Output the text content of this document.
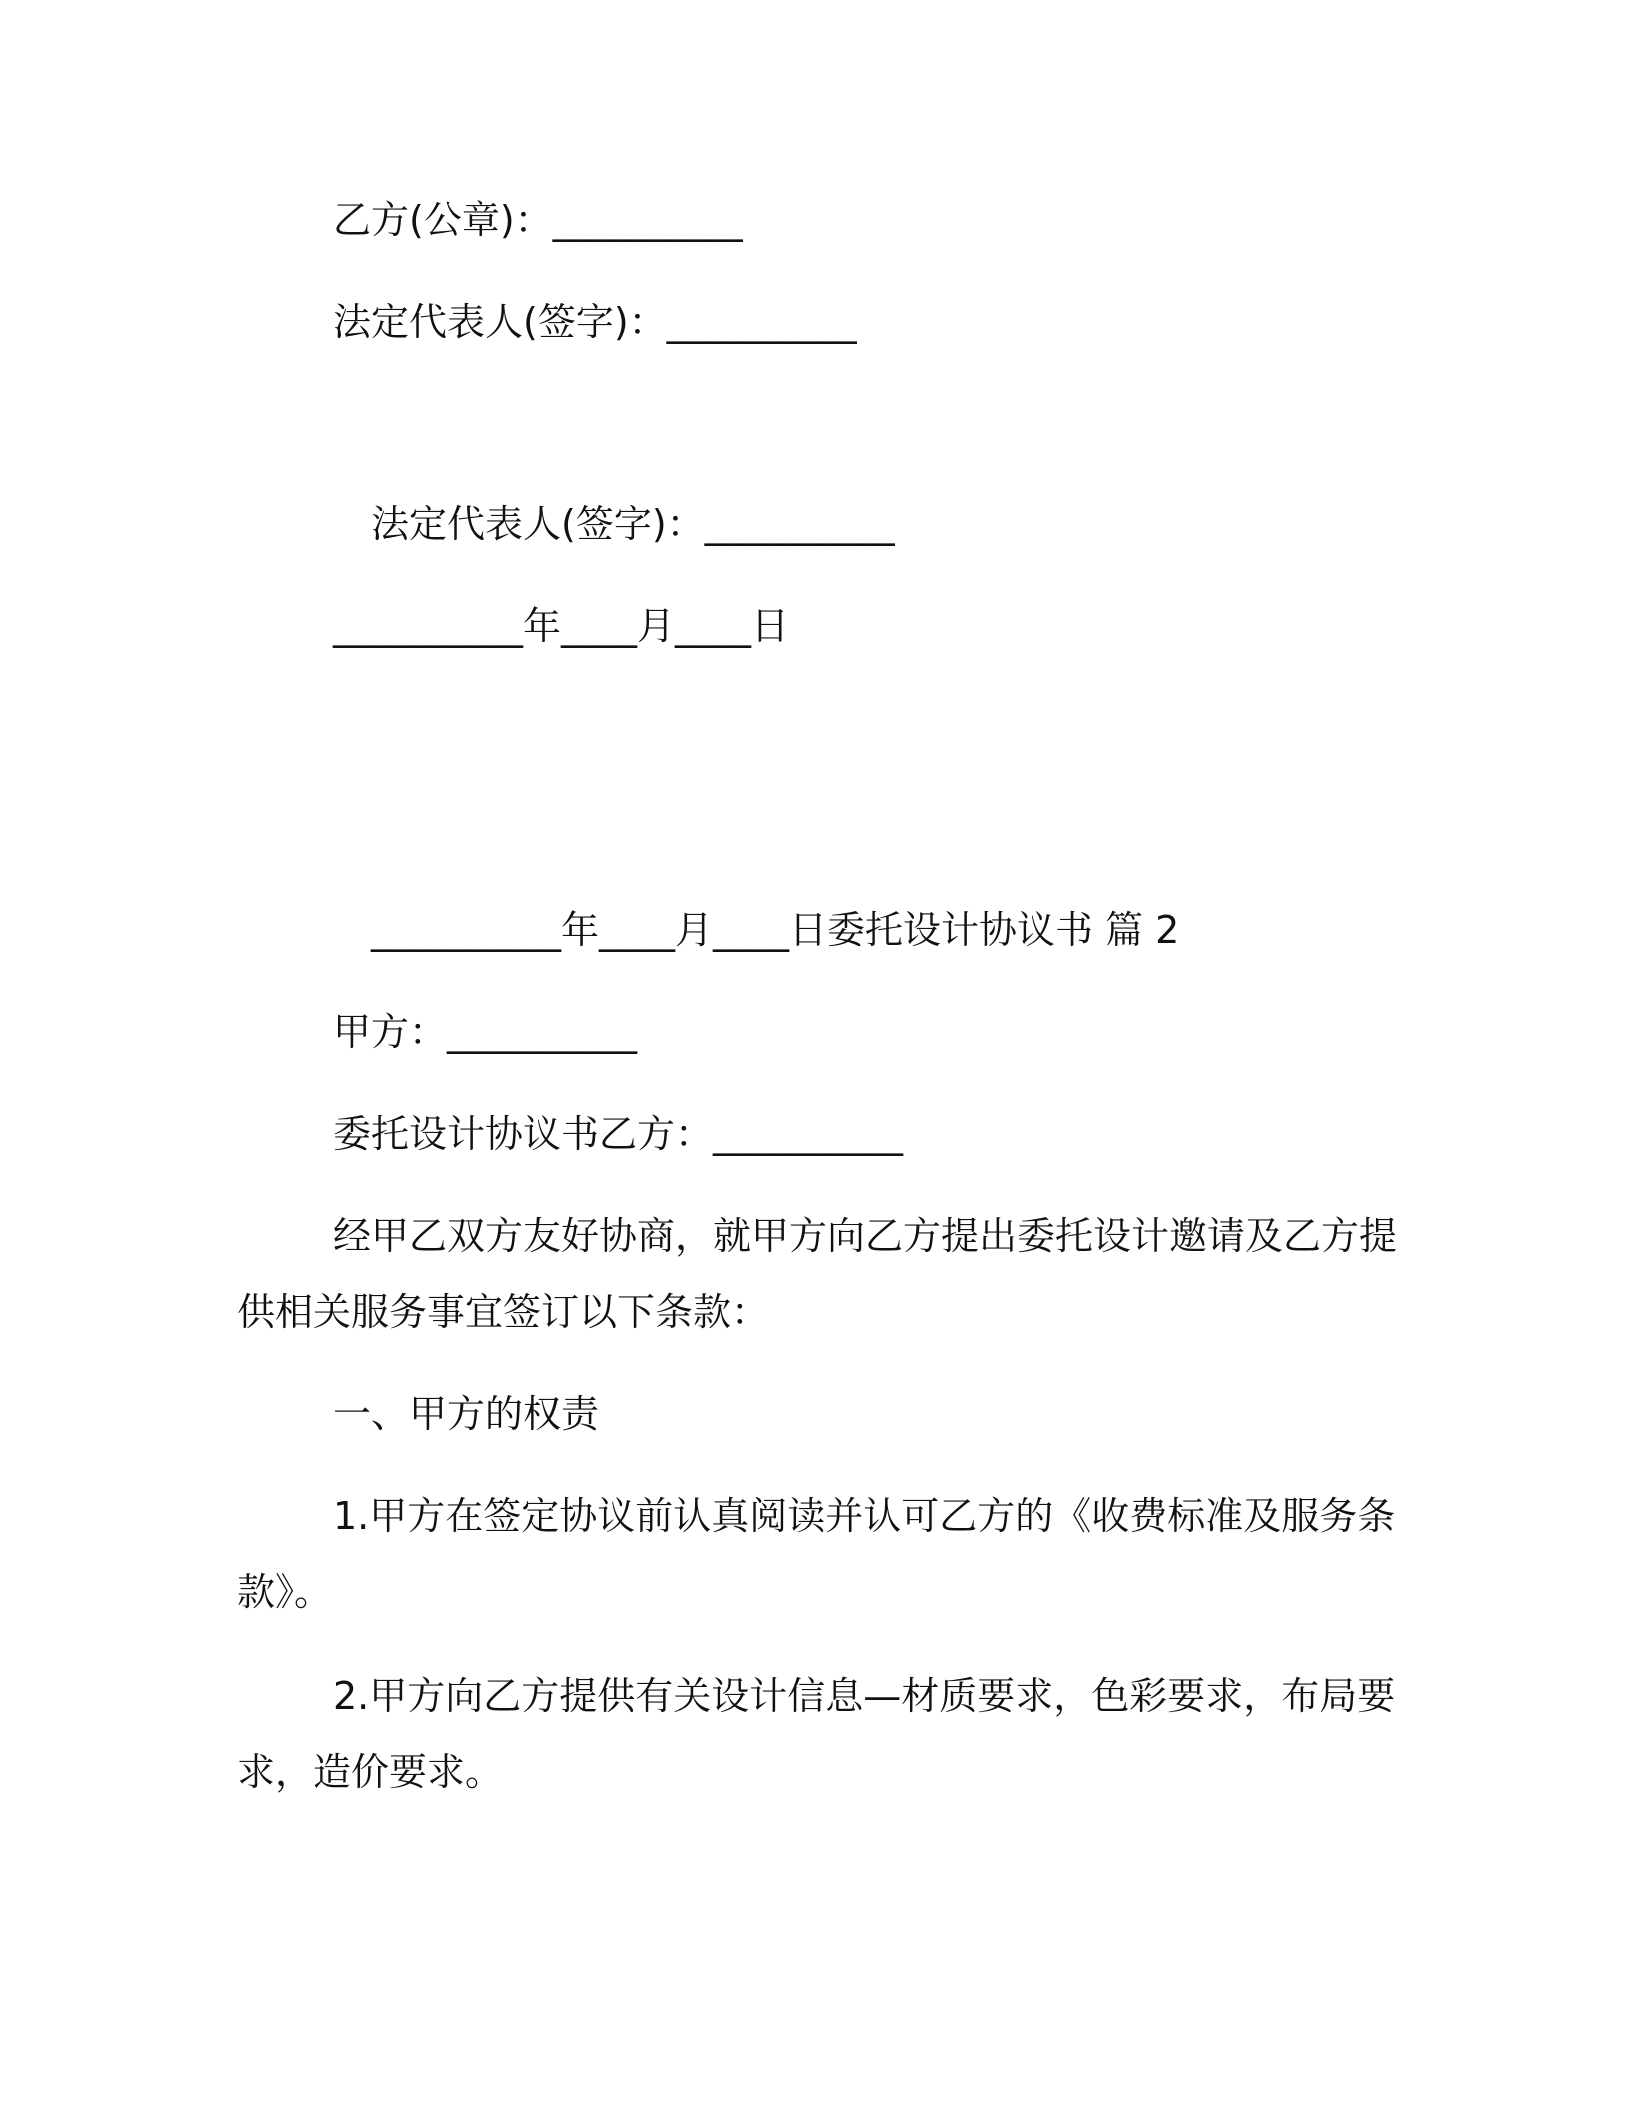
乙方(公章)：__________
法定代表人(签字)：__________
法定代表人(签字)：__________
__________年____月____日
__________年____月____日委托设计协议书 篇 2
甲方：__________
委托设计协议书乙方：__________
经甲乙双方友好协商，就甲方向乙方提出委托设计邀请及乙方提
供相关服务事宜签订以下条款：
一、甲方的权责
1.甲方在签定协议前认真阅读并认可乙方的《收费标准及服务条
款》。
2.甲方向乙方提供有关设计信息—材质要求，色彩要求，布局要
求，造价要求。
